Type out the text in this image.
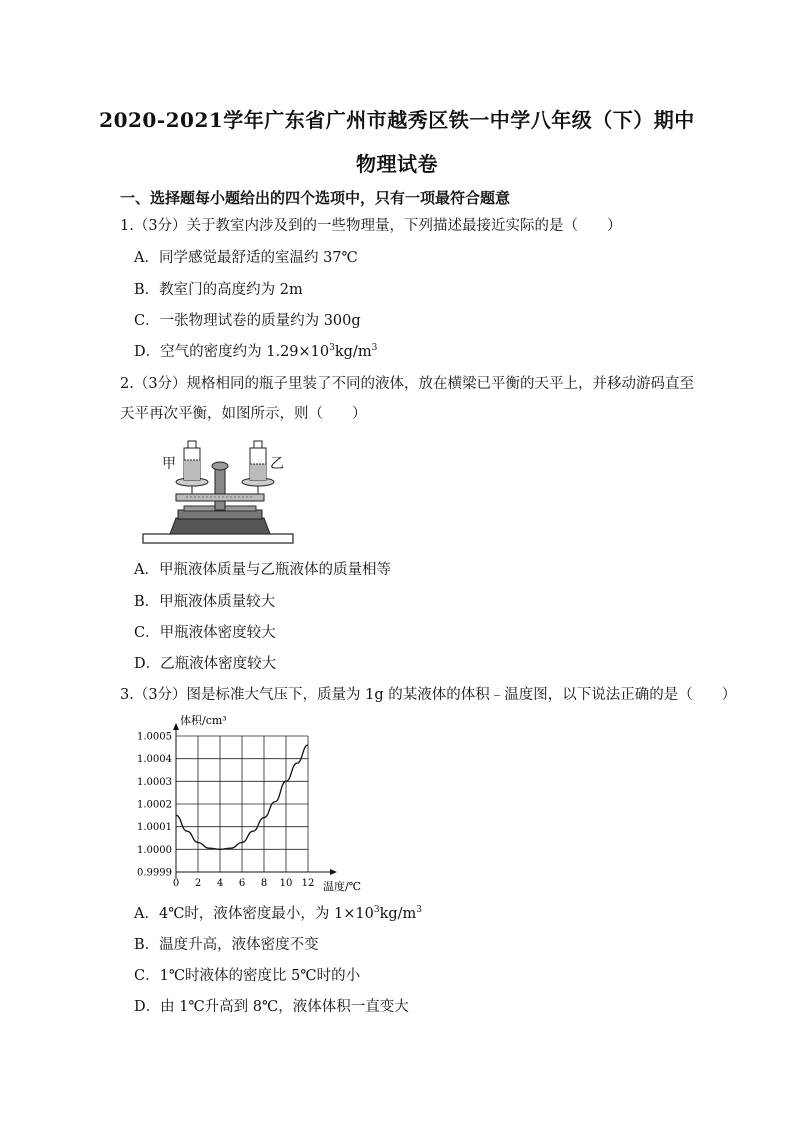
2020-2021学年广东省广州市越秀区铁一中学八年级（下）期中
物理试卷
一、选择题每小题给出的四个选项中，只有一项最符合题意
1.（3分）关于教室内涉及到的一些物理量，下列描述最接近实际的是（　　）
A．同学感觉最舒适的室温约 37℃
B．教室门的高度约为 2m
C．一张物理试卷的质量约为 300g
D．空气的密度约为 $1.29\times 10^3kg/m^3$
2.（3分）规格相同的瓶子里装了不同的液体，放在横梁已平衡的天平上，并移动游码直至
天平再次平衡，如图所示，则（　　）
甲	乙
A．甲瓶液体质量与乙瓶液体的质量相等
B．甲瓶液体质量较大
C．甲瓶液体密度较大
D．乙瓶液体密度较大
3.（3分）图是标准大气压下，质量为 1g 的某液体的体积﹣温度图，以下说法正确的是（　　）
0 2 4 6 8 10 12
0.9999
1.0000
1.0001
1.0002
1.0003
1.0004
1.0005
体积/cm³
温度/℃
A．4℃时，液体密度最小，为 $1\times 10^3kg/m^3$
B．温度升高，液体密度不变
C．1℃时液体的密度比 5℃时的小
D．由 1℃升高到 8℃，液体体积一直变大
